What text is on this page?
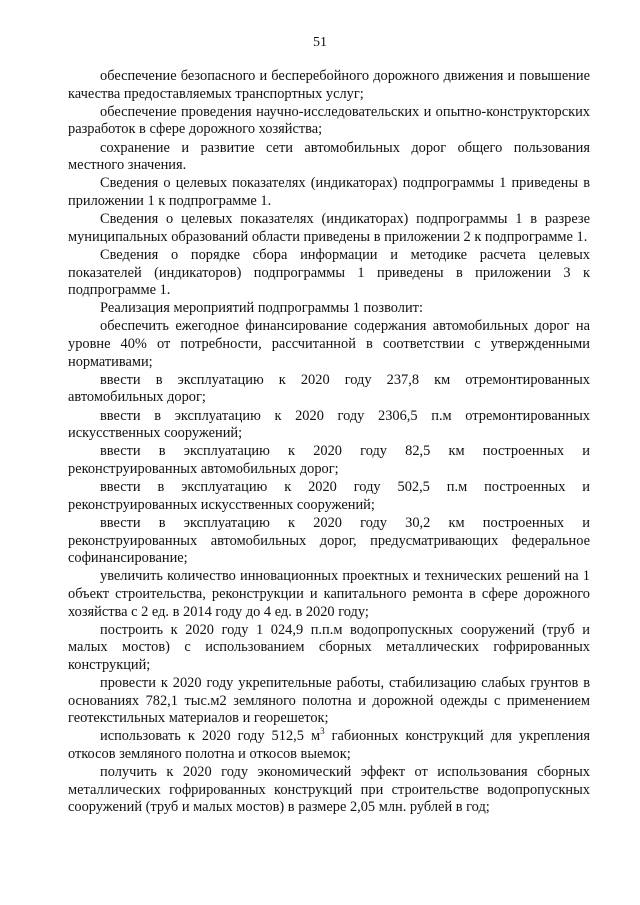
51

обеспечение безопасного и бесперебойного дорожного движения и повышение качества предоставляемых транспортных услуг;

обеспечение проведения научно-исследовательских и опытно-конструкторских разработок в сфере дорожного хозяйства;

сохранение и развитие сети автомобильных дорог общего пользования местного значения.

Сведения о целевых показателях (индикаторах) подпрограммы 1 приведены в приложении 1 к подпрограмме 1.

Сведения о целевых показателях (индикаторах) подпрограммы 1 в разрезе муниципальных образований области приведены в приложении 2 к подпрограмме 1.

Сведения о порядке сбора информации и методике расчета целевых показателей (индикаторов) подпрограммы 1 приведены в приложении 3 к подпрограмме 1.

Реализация мероприятий подпрограммы 1 позволит:

обеспечить ежегодное финансирование содержания автомобильных дорог на уровне 40% от потребности, рассчитанной в соответствии с утвержденными нормативами;

ввести в эксплуатацию к 2020 году 237,8 км отремонтированных автомобильных дорог;

ввести в эксплуатацию к 2020 году 2306,5 п.м отремонтированных искусственных сооружений;

ввести в эксплуатацию к 2020 году 82,5 км построенных и реконструированных автомобильных дорог;

ввести в эксплуатацию к 2020 году 502,5 п.м построенных и реконструированных искусственных сооружений;

ввести в эксплуатацию к 2020 году 30,2 км построенных и реконструированных автомобильных дорог, предусматривающих федеральное софинансирование;

увеличить количество инновационных проектных и технических решений на 1 объект строительства, реконструкции и капитального ремонта в сфере дорожного хозяйства с 2 ед. в 2014 году до 4 ед. в 2020 году;

построить к 2020 году 1 024,9 п.п.м водопропускных сооружений (труб и малых мостов) с использованием сборных металлических гофрированных конструкций;

провести к 2020 году укрепительные работы, стабилизацию слабых грунтов в основаниях 782,1 тыс.м2 земляного полотна и дорожной одежды с применением геотекстильных материалов и георешеток;

использовать к 2020 году 512,5 $м^3$ габионных конструкций для укрепления откосов земляного полотна и откосов выемок;

получить к 2020 году экономический эффект от использования сборных металлических гофрированных конструкций при строительстве водопропускных сооружений (труб и малых мостов) в размере 2,05 млн. рублей в год;
